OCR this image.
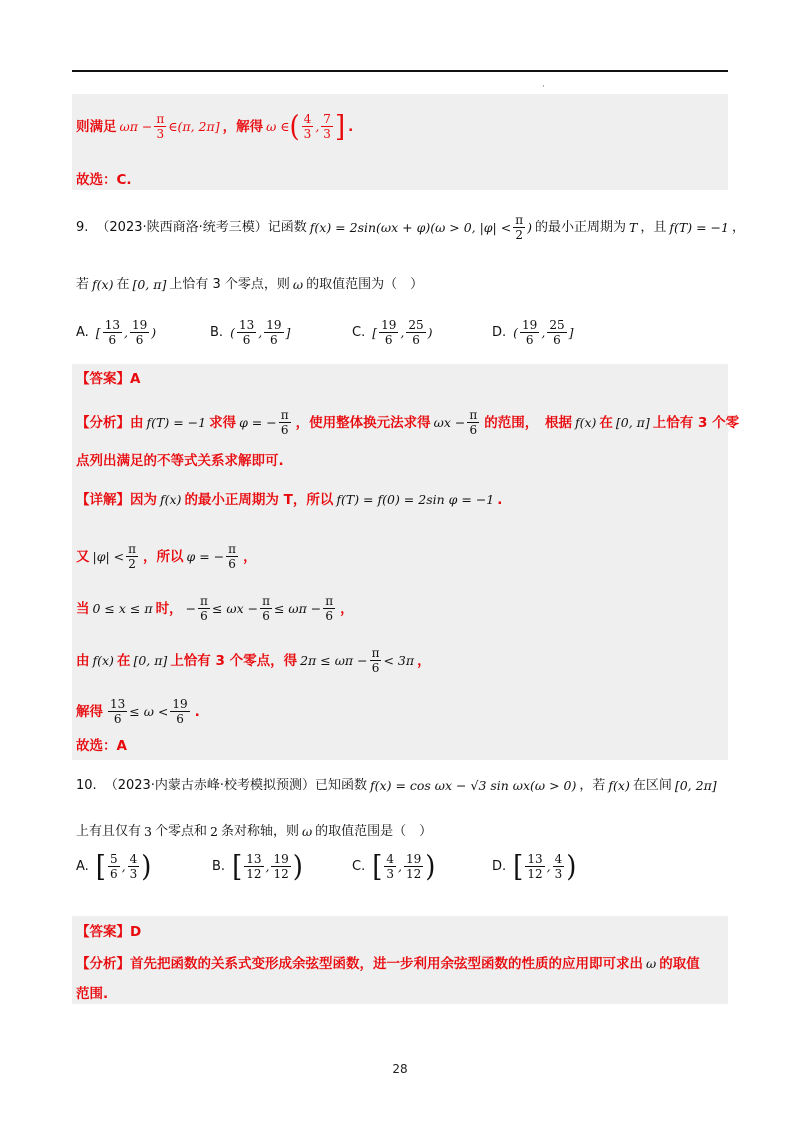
·
则满足 $\omega\pi - \frac{\pi}{3}$ ∈(π, 2π] ，解得 ω ∈ ( $\frac{4}{3}$ , $\frac{7}{3}$ ] .
故选：C.
9. （2023·陕西商洛·统考三模）记函数 f(x) = 2sin(ωx + φ)(ω > 0, $|\varphi| < \frac{\pi}{2}$ ) 的最小正周期为 T ，且 f(T) = −1 ，
若 f(x) 在 [0, π] 上恰有 3 个零点，则 ω 的取值范围为（　）
A. [ $\frac{13}{6}$ , $\frac{19}{6}$ )	B. ( $\frac{13}{6}$ , $\frac{19}{6}$ ]	C. [ $\frac{19}{6}$ , $\frac{25}{6}$ )	D. ( $\frac{19}{6}$ , $\frac{25}{6}$ ]
【答案】A
【分析】由 f(T) = −1 求得 φ = − $\frac{\pi}{6}$ ，使用整体换元法求得 $\omega x - \frac{\pi}{6}$ 的范围，　根据 f(x) 在 [0, π] 上恰有 3 个零
点列出满足的不等式关系求解即可.
【详解】因为 f(x) 的最小正周期为 T，所以 f(T) = f(0) = 2sin φ = −1 .
又 $|\varphi| < \frac{\pi}{2}$ ，所以 φ = − $\frac{\pi}{6}$ ，
当 0 ≤ x ≤ π 时， − $\frac{\pi}{6} \le \omega x - \frac{\pi}{6} \le \omega\pi - \frac{\pi}{6}$ ，
由 f(x) 在 [0, π] 上恰有 3 个零点，得 $2\pi \le \omega\pi - \frac{\pi}{6} < 3\pi$ ，
解得 $\frac{13}{6} \le \omega < \frac{19}{6}$ .
故选：A
10. （2023·内蒙古赤峰·校考模拟预测）已知函数 f(x) = cos ωx − √3 sin ωx(ω > 0) ，若 f(x) 在区间 [0, 2π]
上有且仅有 3 个零点和 2 条对称轴，则 ω 的取值范围是（　）
A. [ $\frac{5}{6}$ , $\frac{4}{3}$ )	B. [ $\frac{13}{12}$ , $\frac{19}{12}$ )	C. [ $\frac{4}{3}$ , $\frac{19}{12}$ )	D. [ $\frac{13}{12}$ , $\frac{4}{3}$ )
【答案】D
【分析】首先把函数的关系式变形成余弦型函数，进一步利用余弦型函数的性质的应用即可求出 ω 的取值
范围.
28
